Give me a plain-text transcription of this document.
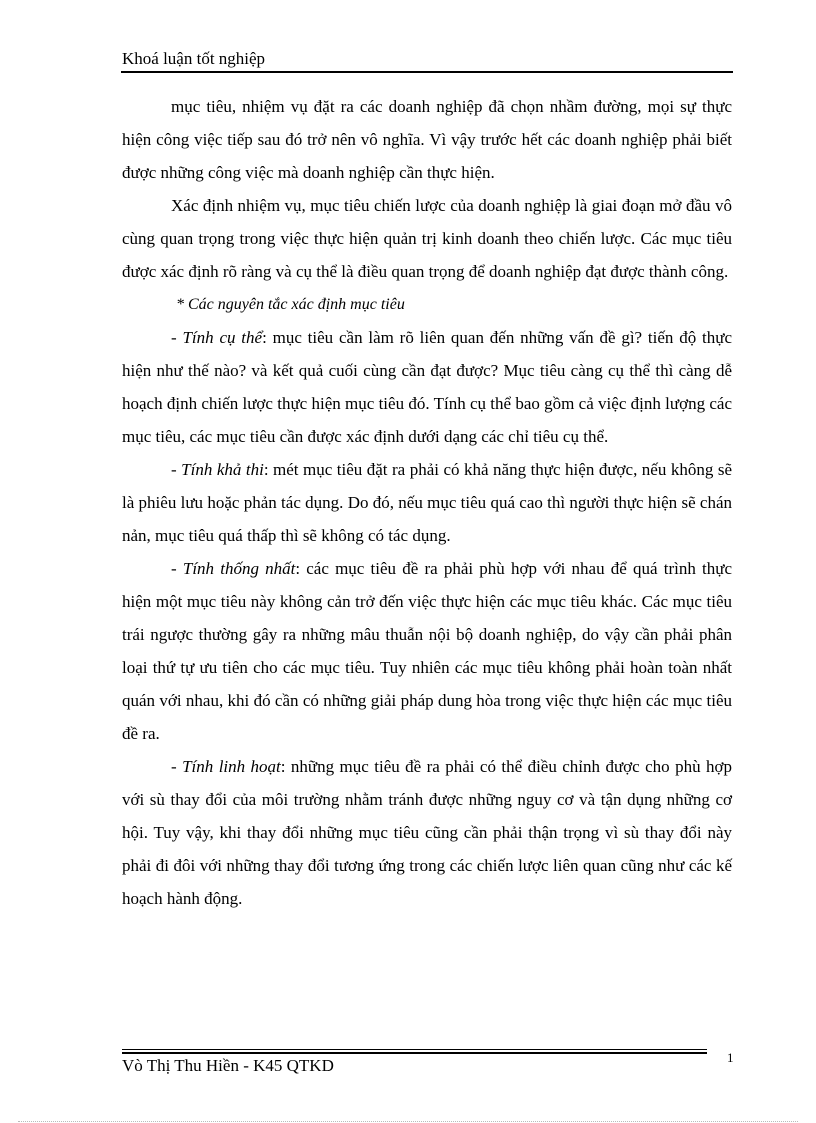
Khoá luận tốt nghiệp

mục tiêu, nhiệm vụ đặt ra các doanh nghiệp đã chọn nhầm đường, mọi sự thực hiện công việc tiếp sau đó trở nên vô nghĩa. Vì vậy trước hết các doanh nghiệp phải biết được những công việc mà doanh nghiệp cần thực hiện.

Xác định nhiệm vụ, mục tiêu chiến lược của doanh nghiệp là giai đoạn mở đầu vô cùng quan trọng trong việc thực hiện quản trị kinh doanh theo chiến lược. Các mục tiêu được xác định rõ ràng và cụ thể là điều quan trọng để doanh nghiệp đạt được thành công.

* Các nguyên tắc xác định mục tiêu

- Tính cụ thể: mục tiêu cần làm rõ liên quan đến những vấn đề gì? tiến độ thực hiện như thế nào? và kết quả cuối cùng cần đạt được? Mục tiêu càng cụ thể thì càng dễ hoạch định chiến lược thực hiện mục tiêu đó. Tính cụ thể bao gồm cả việc định lượng các mục tiêu, các mục tiêu cần được xác định dưới dạng các chỉ tiêu cụ thể.

- Tính khả thi: mét mục tiêu đặt ra phải có khả năng thực hiện được, nếu không sẽ là phiêu lưu hoặc phản tác dụng. Do đó, nếu mục tiêu quá cao thì người thực hiện sẽ chán nản, mục tiêu quá thấp thì sẽ không có tác dụng.

- Tính thống nhất: các mục tiêu đề ra phải phù hợp với nhau để quá trình thực hiện một mục tiêu này không cản trở đến việc thực hiện các mục tiêu khác. Các mục tiêu trái ngược thường gây ra những mâu thuẫn nội bộ doanh nghiệp, do vậy cần phải phân loại thứ tự ưu tiên cho các mục tiêu. Tuy nhiên các mục tiêu không phải hoàn toàn nhất quán với nhau, khi đó cần có những giải pháp dung hòa trong việc thực hiện các mục tiêu đề ra.

- Tính linh hoạt: những mục tiêu đề ra phải có thể điều chỉnh được cho phù hợp với sù thay đổi của môi trường nhằm tránh được những nguy cơ và tận dụng những cơ hội. Tuy vậy, khi thay đổi những mục tiêu cũng cần phải thận trọng vì sù thay đổi này phải đi đôi với những thay đổi tương ứng trong các chiến lược liên quan cũng như các kế hoạch hành động.

Vò Thị Thu Hiền - K45 QTKD	1
